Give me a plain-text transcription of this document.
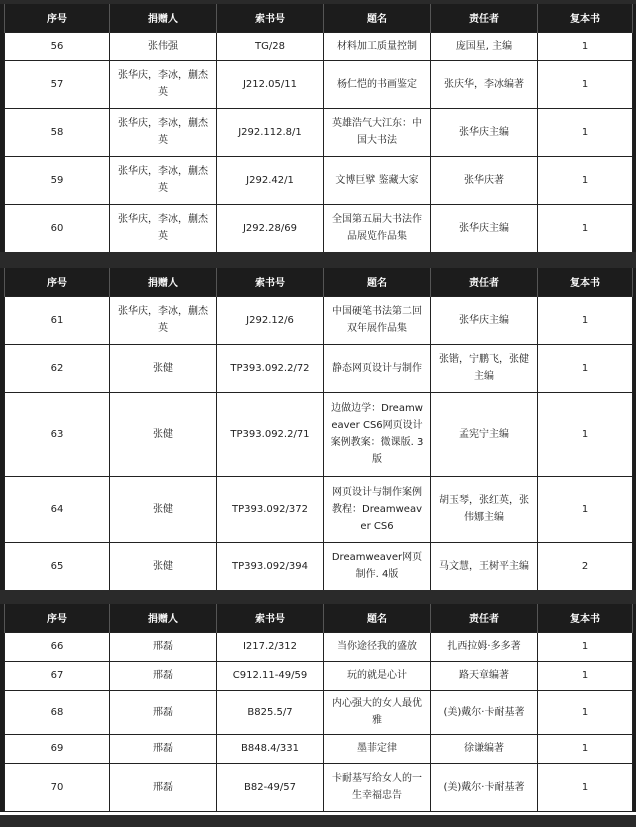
序号	捐赠人	索书号	题名	责任者	复本书
56	张伟强	TG/28	材料加工质量控制	庞国星, 主编	1
57	张华庆，李冰，蒯杰英	J212.05/11	杨仁恺的书画鉴定	张庆华，李冰编著	1
58	张华庆，李冰，蒯杰英	J292.112.8/1	英雄浩气大江东：中国大书法	张华庆主编	1
59	张华庆，李冰，蒯杰英	J292.42/1	文博巨擘 鉴藏大家	张华庆著	1
60	张华庆，李冰，蒯杰英	J292.28/69	全国第五届大书法作品展览作品集	张华庆主编	1
序号	捐赠人	索书号	题名	责任者	复本书
61	张华庆，李冰，蒯杰英	J292.12/6	中国硬笔书法第二回双年展作品集	张华庆主编	1
62	张健	TP393.092.2/72	静态网页设计与制作	张锴，宁鹏飞，张健主编	1
63	张健	TP393.092.2/71	边做边学：Dreamweaver CS6网页设计案例教案：微课版. 3版	孟宪宁主编	1
64	张健	TP393.092/372	网页设计与制作案例教程：Dreamweaver CS6	胡玉琴，张红英，张伟娜主编	1
65	张健	TP393.092/394	Dreamweaver网页制作. 4版	马文慧，王树平主编	2
序号	捐赠人	索书号	题名	责任者	复本书
66	邢磊	I217.2/312	当你途径我的盛放	扎西拉姆·多多著	1
67	邢磊	C912.11-49/59	玩的就是心计	路天章编著	1
68	邢磊	B825.5/7	内心强大的女人最优雅	(美)戴尔·卡耐基著	1
69	邢磊	B848.4/331	墨菲定律	徐谦编著	1
70	邢磊	B82-49/57	卡耐基写给女人的一生幸福忠告	(美)戴尔·卡耐基著	1
